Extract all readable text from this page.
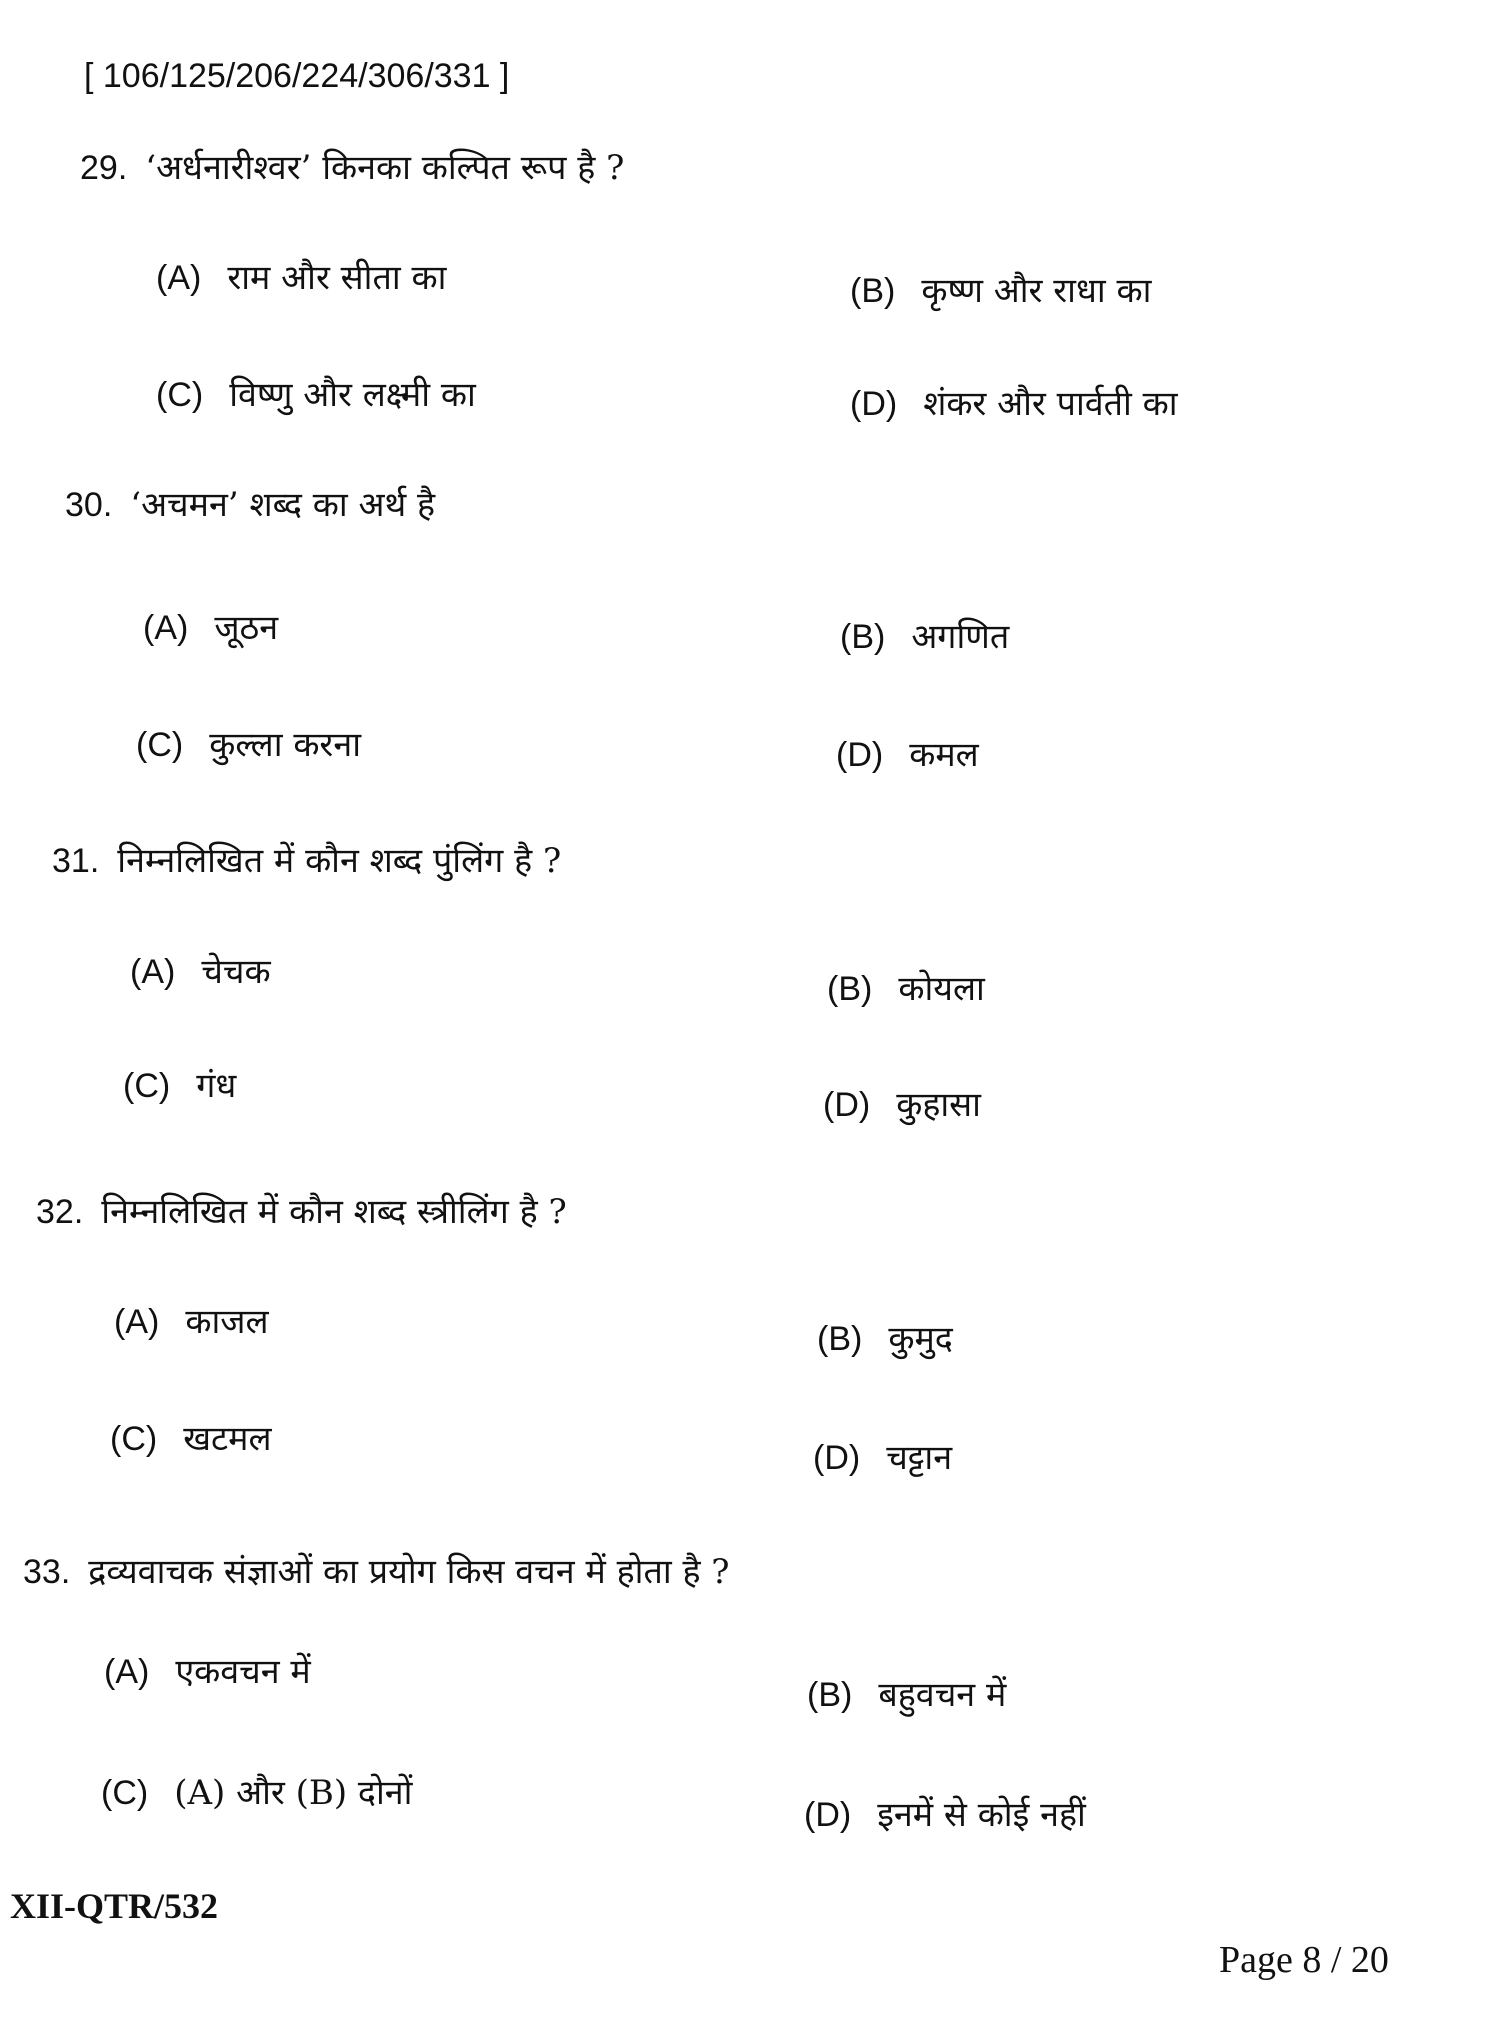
[ 106/125/206/224/306/331 ]
29. ‘अर्धनारीश्वर’ किनका कल्पित रूप है ?
(A) राम और सीता का	(B) कृष्ण और राधा का
(C) विष्णु और लक्ष्मी का	(D) शंकर और पार्वती का
30. ‘अचमन’ शब्द का अर्थ है
(A) जूठन	(B) अगणित
(C) कुल्ला करना	(D) कमल
31. निम्नलिखित में कौन शब्द पुंलिंग है ?
(A) चेचक	(B) कोयला
(C) गंध	(D) कुहासा
32. निम्नलिखित में कौन शब्द स्त्रीलिंग है ?
(A) काजल	(B) कुमुद
(C) खटमल	(D) चट्टान
33. द्रव्यवाचक संज्ञाओं का प्रयोग किस वचन में होता है ?
(A) एकवचन में
(B) बहुवचन में
(C) (A) और (B) दोनों
(D) इनमें से कोई नहीं
XII-QTR/532
Page 8 / 20
